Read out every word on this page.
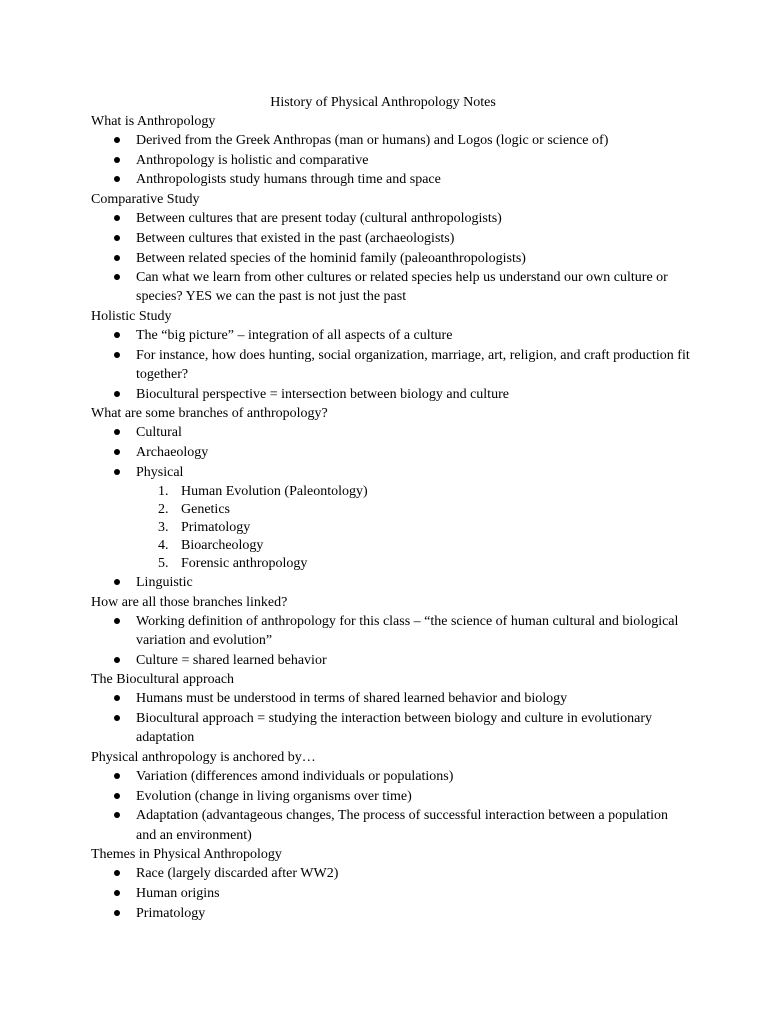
History of Physical Anthropology Notes
What is Anthropology
Derived from the Greek Anthropas (man or humans) and Logos (logic or science of)
Anthropology is holistic and comparative
Anthropologists study humans through time and space
Comparative Study
Between cultures that are present today (cultural anthropologists)
Between cultures that existed in the past (archaeologists)
Between related species of the hominid family (paleoanthropologists)
Can what we learn from other cultures or related species help us understand our own culture or species? YES we can the past is not just the past
Holistic Study
The “big picture” – integration of all aspects of a culture
For instance, how does hunting, social organization, marriage, art, religion, and craft production fit together?
Biocultural perspective = intersection between biology and culture
What are some branches of anthropology?
Cultural
Archaeology
Physical
1. Human Evolution (Paleontology)
2. Genetics
3. Primatology
4. Bioarcheology
5. Forensic anthropology
Linguistic
How are all those branches linked?
Working definition of anthropology for this class – “the science of human cultural and biological variation and evolution”
Culture = shared learned behavior
The Biocultural approach
Humans must be understood in terms of shared learned behavior and biology
Biocultural approach = studying the interaction between biology and culture in evolutionary adaptation
Physical anthropology is anchored by…
Variation (differences amond individuals or populations)
Evolution (change in living organisms over time)
Adaptation (advantageous changes, The process of successful interaction between a population and an environment)
Themes in Physical Anthropology
Race (largely discarded after WW2)
Human origins
Primatology
